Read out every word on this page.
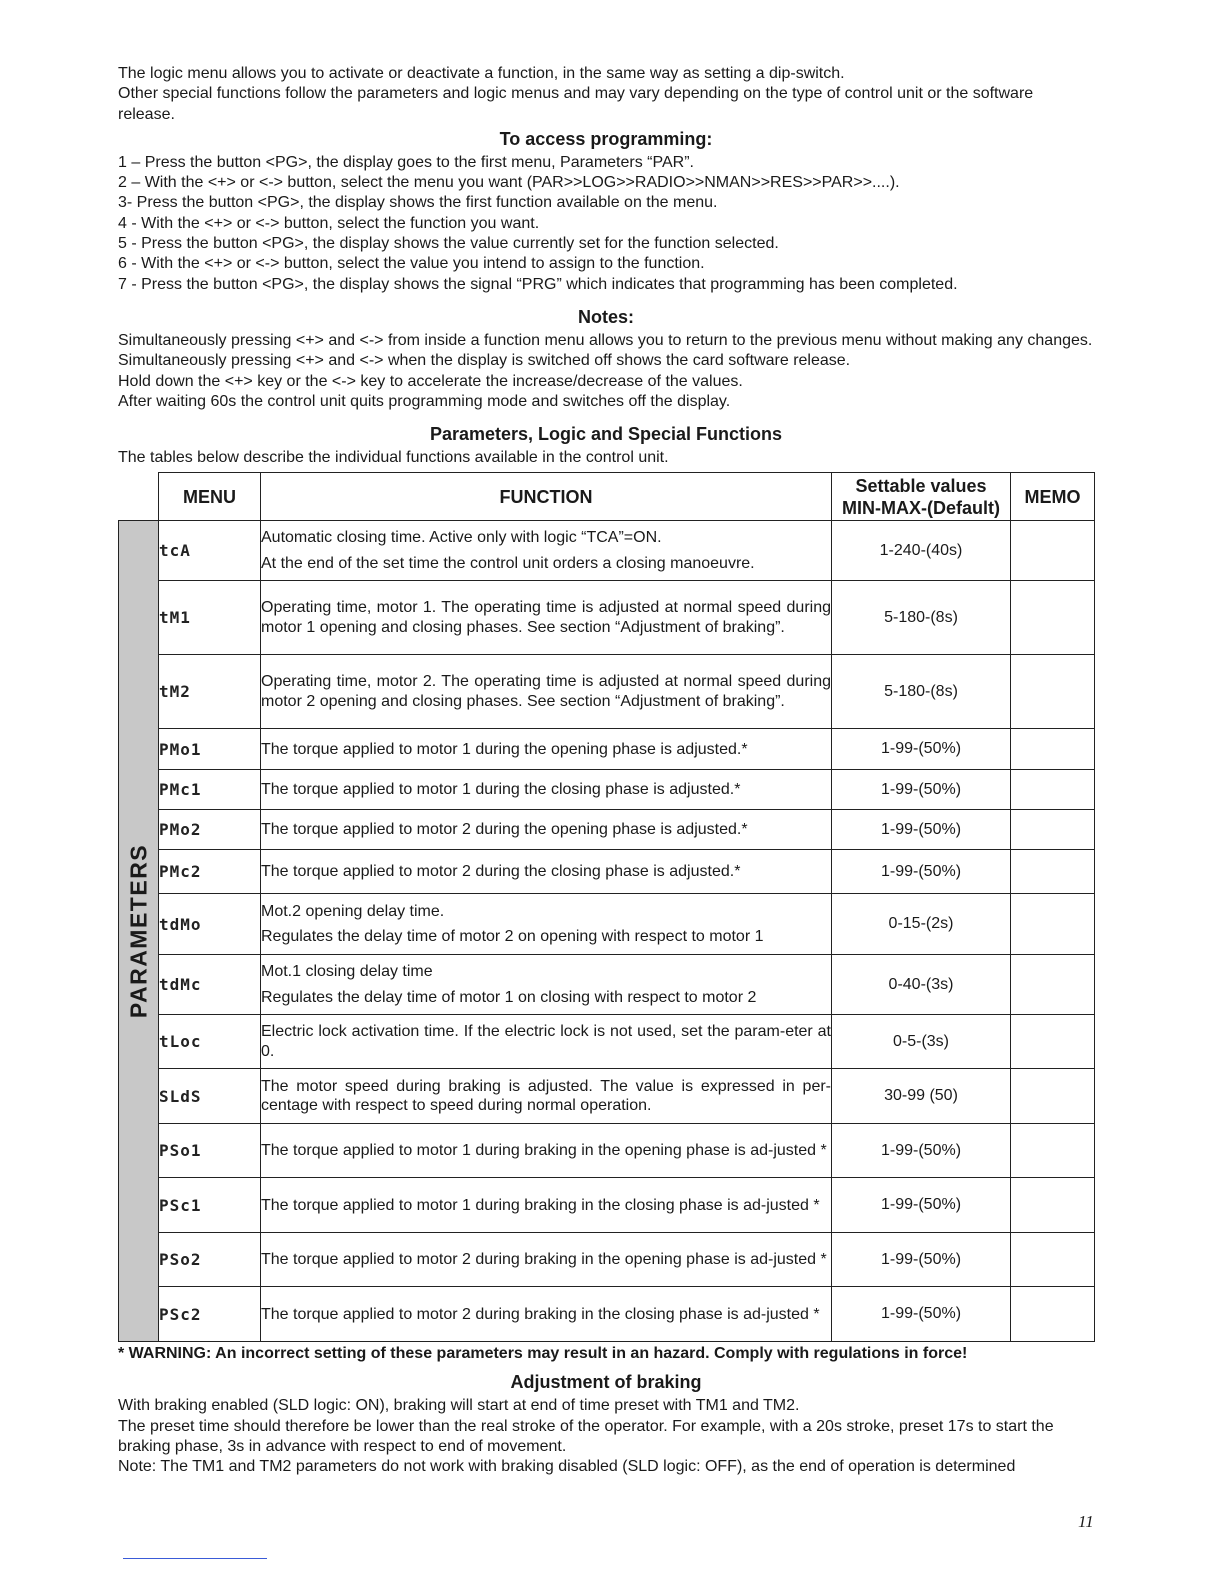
The logic menu allows you to activate or deactivate a function, in the same way as setting a dip-switch.

Other special functions follow the parameters and logic menus and may vary depending on the type of control unit or the software release.

To access programming:

1 – Press the button <PG>, the display goes to the first menu, Parameters “PAR”.

2 – With the <+> or <-> button, select the menu you want (PAR>>LOG>>RADIO>>NMAN>>RES>>PAR>>....).

3- Press the button <PG>, the display shows the first function available on the menu.

4 - With the <+> or <-> button, select the function you want.

5 - Press the button <PG>, the display shows the value currently set for the function selected.

6 - With the <+> or <-> button, select the value you intend to assign to the function.

7 - Press the button <PG>, the display shows the signal “PRG” which indicates that programming has been completed.

Notes:

Simultaneously pressing <+> and <-> from inside a function menu allows you to return to the previous menu without making any changes.

Simultaneously pressing <+> and <-> when the display is switched off shows the card software release.

Hold down the <+> key or the <-> key to accelerate the increase/decrease of the values.

After waiting 60s the control unit quits programming mode and switches off the display.

Parameters, Logic and Special Functions

The tables below describe the individual functions available in the control unit.

	MENU	FUNCTION	Settable values
MIN-MAX-(Default)	MEMO

PARAMETERS	tcA	Automatic closing time. Active only with logic “TCA”=ON.
At the end of the set time the control unit orders a closing manoeuvre.	1-240-(40s)	
	tM1	Operating time, motor 1. The operating time is adjusted at normal speed during motor 1 opening and closing phases. See section “Adjustment of braking”.	5-180-(8s)	
	tM2	Operating time, motor 2. The operating time is adjusted at normal speed during motor 2 opening and closing phases. See section “Adjustment of braking”.	5-180-(8s)	
	PMo1	The torque applied to motor 1 during the opening phase is adjusted.*	1-99-(50%)	
	PMc1	The torque applied to motor 1 during the closing phase is adjusted.*	1-99-(50%)	
	PMo2	The torque applied to motor 2 during the opening phase is adjusted.*	1-99-(50%)	
	PMc2	The torque applied to motor 2 during the closing phase is adjusted.*	1-99-(50%)	
	tdMo	Mot.2 opening delay time.
Regulates the delay time of motor 2 on opening with respect to motor 1	0-15-(2s)	
	tdMc	Mot.1 closing delay time
Regulates the delay time of motor 1 on closing with respect to motor 2	0-40-(3s)	
	tLoc	Electric lock activation time. If the electric lock is not used, set the param-eter at 0.	0-5-(3s)	
	SLdS	The motor speed during braking is adjusted. The value is expressed in per-centage with respect to speed during normal operation.	30-99 (50)	
	PSo1	The torque applied to motor 1 during braking in the opening phase is ad-justed *	1-99-(50%)	
	PSc1	The torque applied to motor 1 during braking in the closing phase is ad-justed *	1-99-(50%)	
	PSo2	The torque applied to motor 2 during braking in the opening phase is ad-justed *	1-99-(50%)	
	PSc2	The torque applied to motor 2 during braking in the closing phase is ad-justed *	1-99-(50%)	

* WARNING: An incorrect setting of these parameters may result in an hazard. Comply with regulations in force!

Adjustment of braking

With braking enabled (SLD logic: ON), braking will start at end of time preset with TM1 and TM2.

The preset time should therefore be lower than the real stroke of the operator. For example, with a 20s stroke, preset 17s to start the braking phase, 3s in advance with respect to end of movement.

Note: The TM1 and TM2 parameters do not work with braking disabled (SLD logic: OFF), as the end of operation is determined

11
